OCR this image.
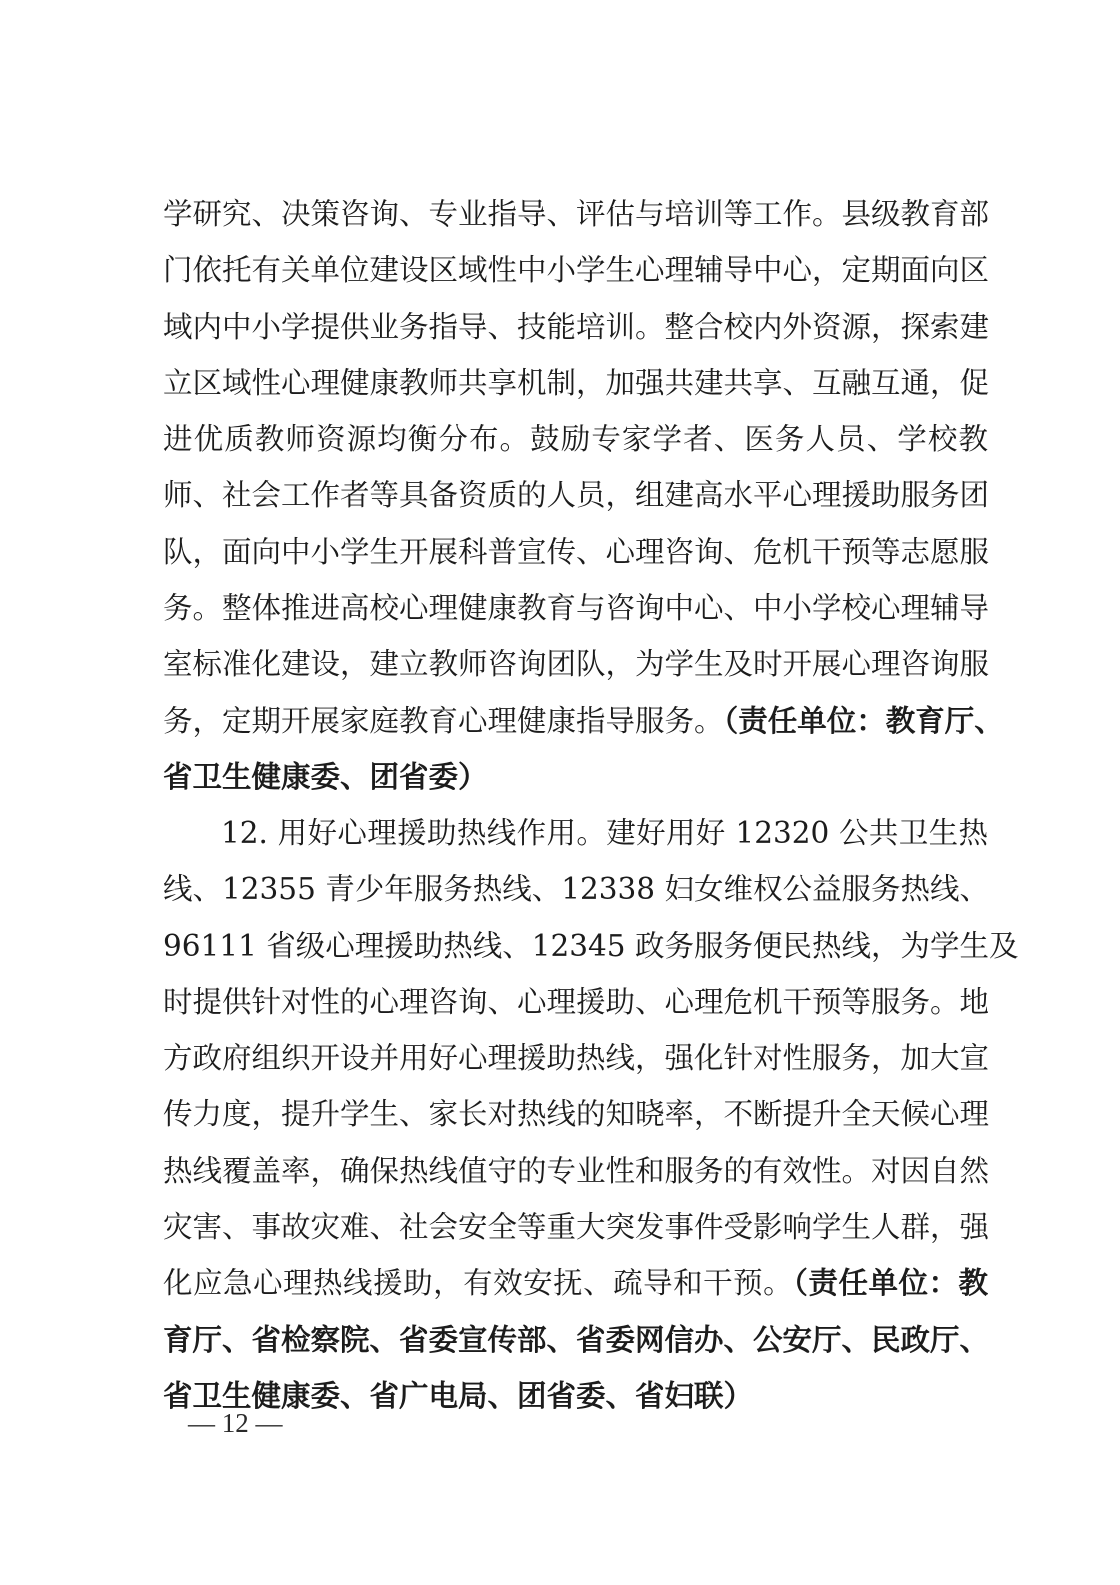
学研究、决策咨询、专业指导、评估与培训等工作。县级教育部
门依托有关单位建设区域性中小学生心理辅导中心，定期面向区
域内中小学提供业务指导、技能培训。整合校内外资源，探索建
立区域性心理健康教师共享机制，加强共建共享、互融互通，促
进优质教师资源均衡分布。鼓励专家学者、医务人员、学校教
师、社会工作者等具备资质的人员，组建高水平心理援助服务团
队，面向中小学生开展科普宣传、心理咨询、危机干预等志愿服
务。整体推进高校心理健康教育与咨询中心、中小学校心理辅导
室标准化建设，建立教师咨询团队，为学生及时开展心理咨询服
务，定期开展家庭教育心理健康指导服务。（责任单位：教育厅、
省卫生健康委、团省委）
12. 用好心理援助热线作用。建好用好 12320 公共卫生热
线、12355 青少年服务热线、12338 妇女维权公益服务热线、
96111 省级心理援助热线、12345 政务服务便民热线，为学生及
时提供针对性的心理咨询、心理援助、心理危机干预等服务。地
方政府组织开设并用好心理援助热线，强化针对性服务，加大宣
传力度，提升学生、家长对热线的知晓率，不断提升全天候心理
热线覆盖率，确保热线值守的专业性和服务的有效性。对因自然
灾害、事故灾难、社会安全等重大突发事件受影响学生人群，强
化应急心理热线援助，有效安抚、疏导和干预。（责任单位：教
育厅、省检察院、省委宣传部、省委网信办、公安厅、民政厅、
省卫生健康委、省广电局、团省委、省妇联）
— 12 —
